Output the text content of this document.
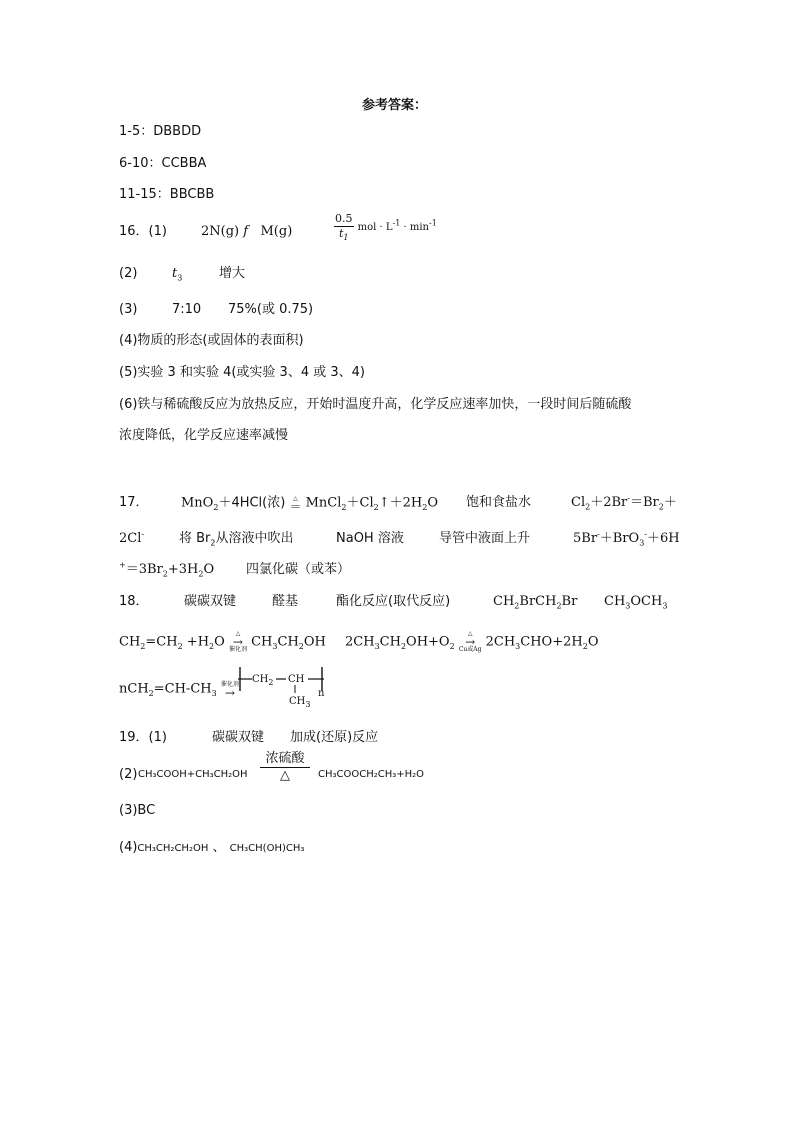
参考答案：
1-5：DBBDD
6-10：CCBBA
11-15：BBCBB
16．(1)	2N(g) f M(g)	$\frac{0.5}{t_1}$ mol · $L^{-1} \cdot \min^{-1}$
(2)	$t_3$	增大
(3)	7:10 75%(或 0.75)
(4)物质的形态(或固体的表面积)
(5)实验 3 和实验 4(或实验 3、4 或 3、4)
(6)铁与稀硫酸反应为放热反应，开始时温度升高，化学反应速率加快，一段时间后随硫酸
浓度降低，化学反应速率减慢
17． MnO$_2$＋4HCl(浓)	△
＝ $MnCl_2+Cl_2↑+2H_2O$ 饱和食盐水	$Cl_2+2Br^-=Br_2+$
2Cl-	将 $Br_2$从溶液中吹出	NaOH 溶液	导管中液面上升	5Br-＋BrO$_3$-＋6H
$^+=3Br_2+3H_2O$ 四氯化碳（或苯）
18．	碳碳双键	醛基	酯化反应(取代反应)	$CH_2BrCH_2Br$ $CH_3OCH_3$
$CH_2=CH_2 +H_2O$
△
→
催化剂 $CH_3CH_2OH$ $2CH_3CH_2OH+O_2$
△
→
Cu或Ag $2CH_3CHO+2H_2O$
$nCH_2=CH-CH_3$
催化剂
→
$CH_2$ CH
$CH_3$
n
19．(1)	碳碳双键 加成(还原)反应
(2) CH₃COOH+CH₃CH₂OH
浓硫酸
△	CH₃COOCH₂CH₃+H₂O
(3)BC
(4)CH₃CH₂CH₂OH 、 CH₃CH(OH)CH₃
